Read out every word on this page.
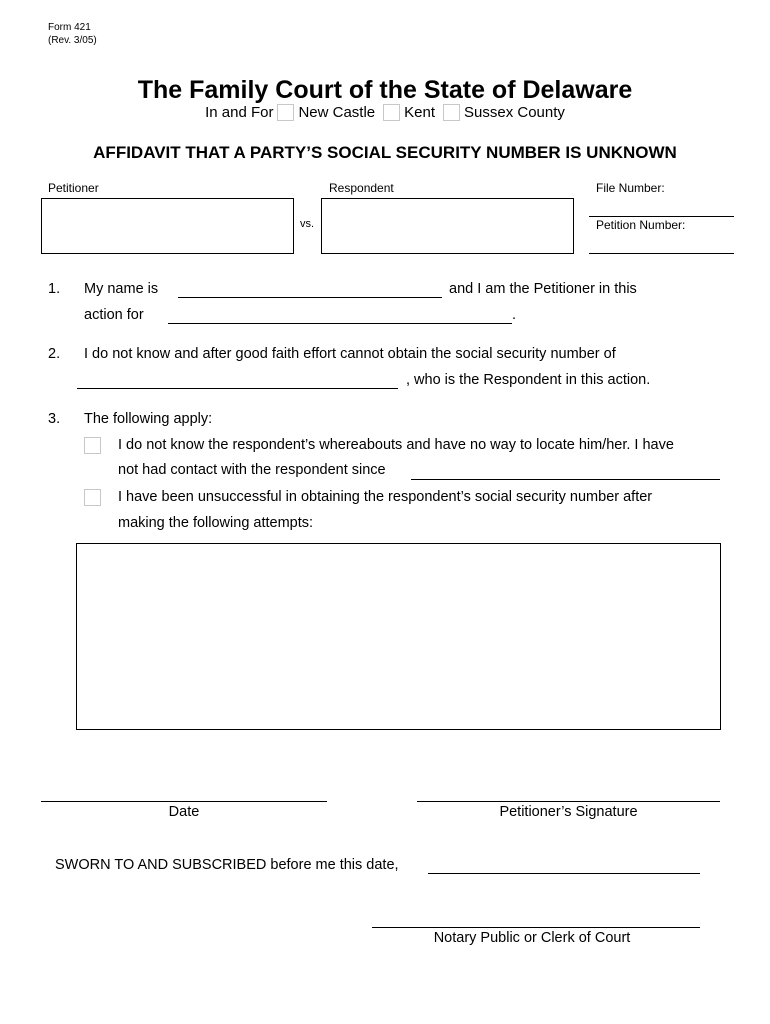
Form 421
(Rev. 3/05)
The Family Court of the State of Delaware
In and For New Castle Kent Sussex County
AFFIDAVIT THAT A PARTY’S SOCIAL SECURITY NUMBER IS UNKNOWN
Petitioner
vs.
Respondent	File Number:
Petition Number:
1. My name is	and I am the Petitioner in this
action for	.
2. I do not know and after good faith effort cannot obtain the social security number of
, who is the Respondent in this action.
3. The following apply:
I do not know the respondent’s whereabouts and have no way to locate him/her. I have
not had contact with the respondent since
I have been unsuccessful in obtaining the respondent’s social security number after
making the following attempts:
Date	Petitioner’s Signature
SWORN TO AND SUBSCRIBED before me this date,
Notary Public or Clerk of Court
